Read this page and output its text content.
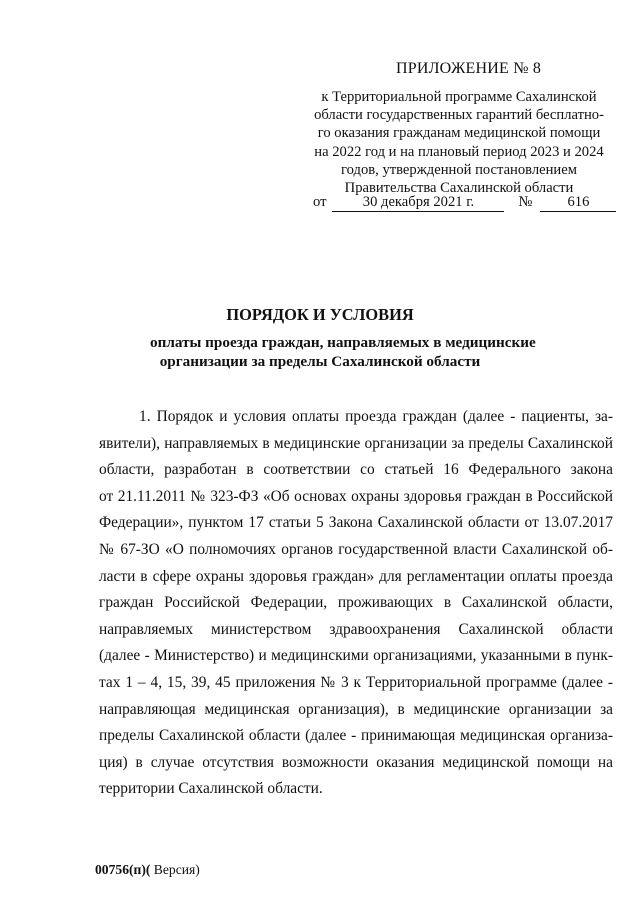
ПРИЛОЖЕНИЕ № 8
к Территориальной программе Сахалинской
области государственных гарантий бесплатно-
го оказания гражданам медицинской помощи
на 2022 год и на плановый период 2023 и 2024
годов, утвержденной постановлением
Правительства Сахалинской области
от 30 декабря 2021 г.	№ 616
ПОРЯДОК И УСЛОВИЯ
оплаты проезда граждан, направляемых в медицинские
организации за пределы Сахалинской области
1. Порядок и условия оплаты проезда граждан (далее - пациенты, за-
явители), направляемых в медицинские организации за пределы Сахалинской
области, разработан в соответствии со статьей 16 Федерального закона
от 21.11.2011 № 323-ФЗ «Об основах охраны здоровья граждан в Российской
Федерации», пунктом 17 статьи 5 Закона Сахалинской области от 13.07.2017
№ 67-ЗО «О полномочиях органов государственной власти Сахалинской об-
ласти в сфере охраны здоровья граждан» для регламентации оплаты проезда
граждан Российской Федерации, проживающих в Сахалинской области,
направляемых министерством здравоохранения Сахалинской области
(далее - Министерство) и медицинскими организациями, указанными в пунк-
тах 1 – 4, 15, 39, 45 приложения № 3 к Территориальной программе (далее -
направляющая медицинская организация), в медицинские организации за
пределы Сахалинской области (далее - принимающая медицинская организа-
ция) в случае отсутствия возможности оказания медицинской помощи на
территории Сахалинской области.
00756(п)( Версия)
